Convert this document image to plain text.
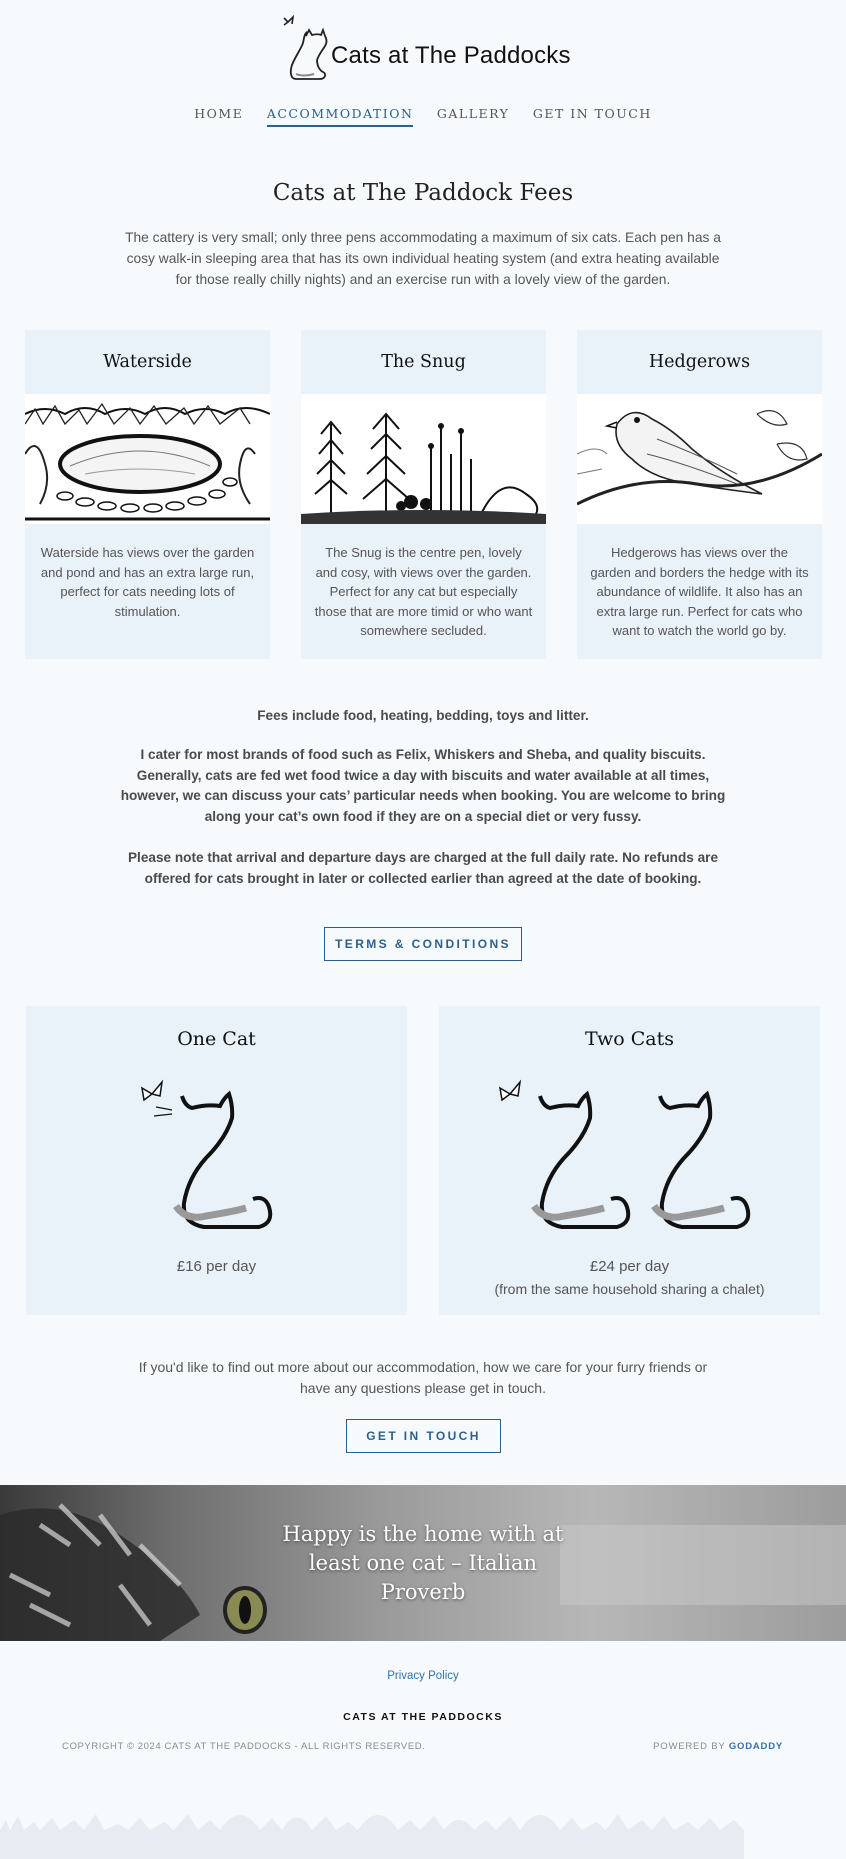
Cats at The Paddocks
HOME ACCOMMODATION GALLERY GET IN TOUCH
Cats at The Paddock Fees

The cattery is very small; only three pens accommodating a maximum of six cats. Each pen has a cosy walk-in sleeping area that has its own individual heating system (and extra heating available for those really chilly nights) and an exercise run with a lovely view of the garden.

Waterside

Waterside has views over the garden and pond and has an extra large run, perfect for cats needing lots of stimulation.

The Snug

The Snug is the centre pen, lovely and cosy, with views over the garden. Perfect for any cat but especially those that are more timid or who want somewhere secluded.

Hedgerows

Hedgerows has views over the garden and borders the hedge with its abundance of wildlife. It also has an extra large run. Perfect for cats who want to watch the world go by.

Fees include food, heating, bedding, toys and litter.

I cater for most brands of food such as Felix, Whiskers and Sheba, and quality biscuits. Generally, cats are fed wet food twice a day with biscuits and water available at all times, however, we can discuss your cats’ particular needs when booking. You are welcome to bring along your cat’s own food if they are on a special diet or very fussy.

Please note that arrival and departure days are charged at the full daily rate. No refunds are offered for cats brought in later or collected earlier than agreed at the date of booking.

TERMS & CONDITIONS
One Cat
£16 per day
Two Cats
£24 per day
(from the same household sharing a chalet)

If you'd like to find out more about our accommodation, how we care for your furry friends or have any questions please get in touch.

GET IN TOUCH
Happy is the home with at least one cat – Italian Proverb
Privacy Policy
CATS AT THE PADDOCKS
COPYRIGHT © 2024 CATS AT THE PADDOCKS - ALL RIGHTS RESERVED.	POWERED BY GODADDY
